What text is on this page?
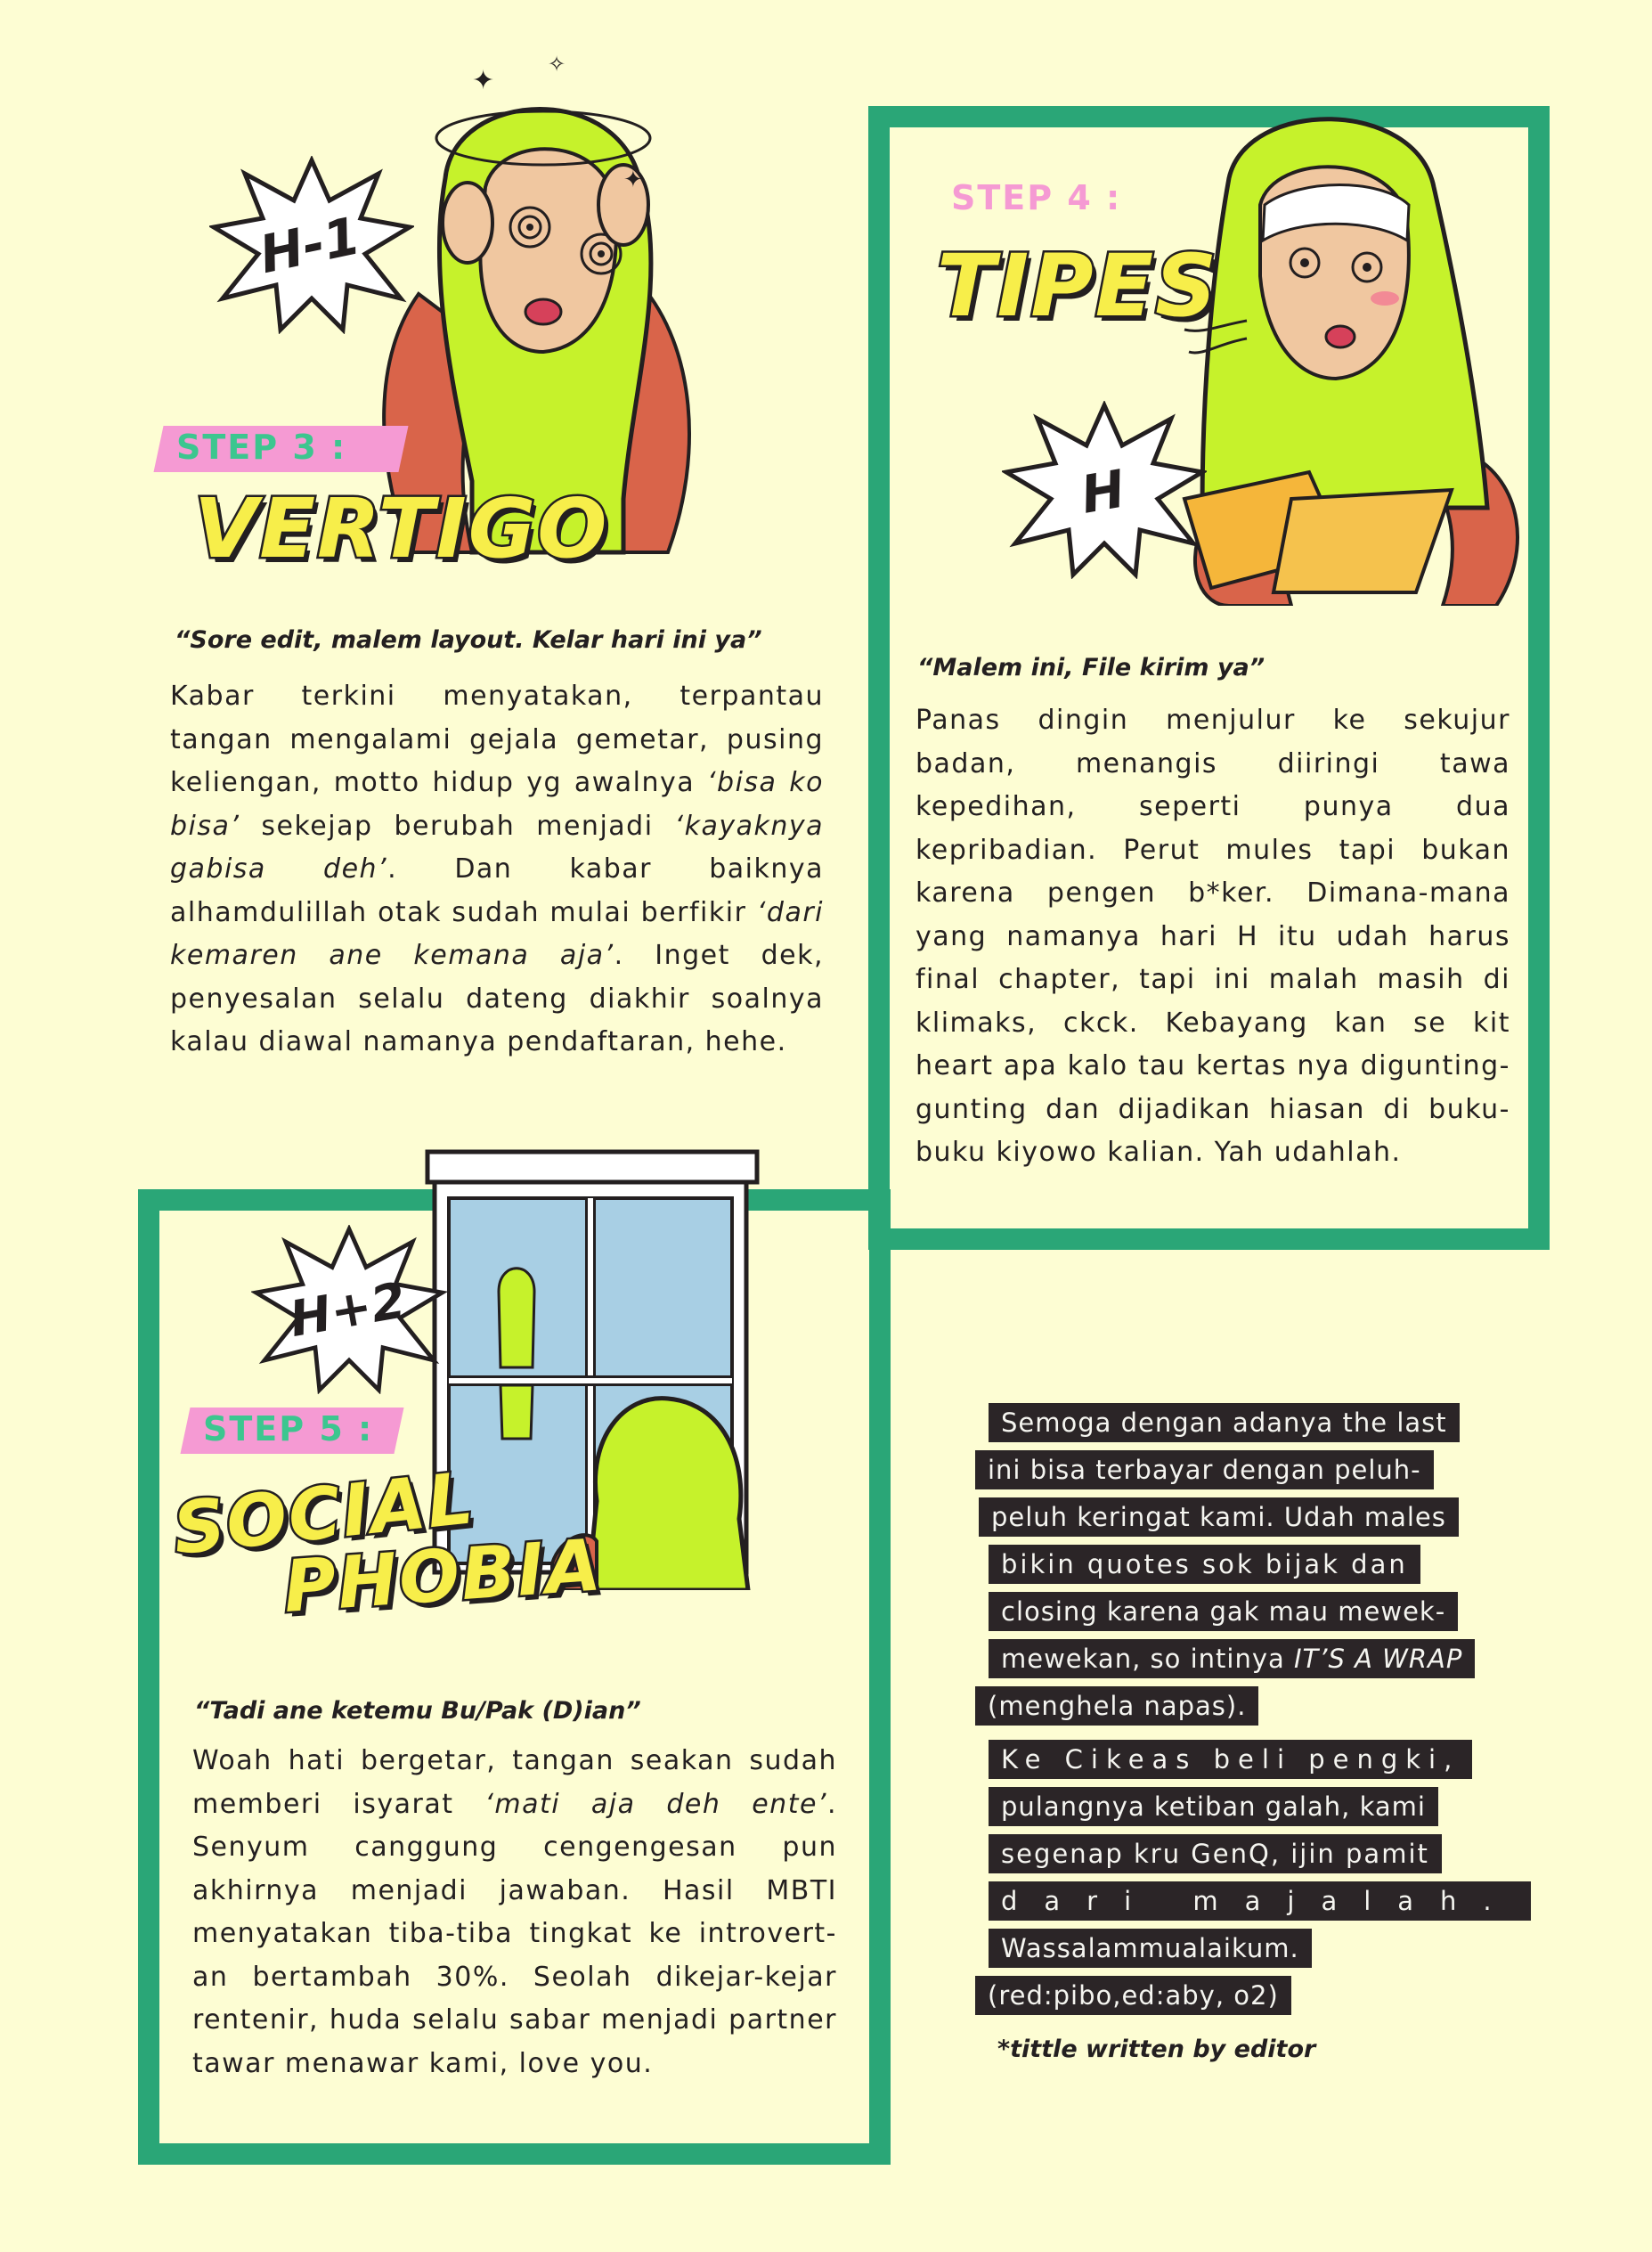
✦
✦
✧
H-1
STEP 3 :
VERTIGO
“Sore edit, malem layout. Kelar hari ini ya”

Kabar terkini menyatakan, terpantau tangan mengalami gejala gemetar, pusing keliengan, motto hidup yg awalnya ‘bisa ko bisa’ sekejap berubah menjadi ‘kayaknya gabisa deh’. Dan kabar baiknya alhamdulillah otak sudah mulai berfikir ‘dari kemaren ane kemana aja’. Inget dek, penyesalan selalu dateng diakhir soalnya kalau diawal namanya pendaftaran, hehe.

H
STEP 4 :
TIPES
“Malem ini, File kirim ya”

Panas dingin menjulur ke sekujur badan, menangis diiringi tawa kepedihan, seperti punya dua kepribadian. Perut mules tapi bukan karena pengen b*ker. Dimana-mana yang namanya hari H itu udah harus final chapter, tapi ini malah masih di klimaks, ckck. Kebayang kan se kit heart apa kalo tau kertas nya digunting-gunting dan dijadikan hiasan di buku-buku kiyowo kalian. Yah udahlah.

H+2
STEP 5 :
SOCIAL
PHOBIA
“Tadi ane ketemu Bu/Pak (D)ian”

Woah hati bergetar, tangan seakan sudah memberi isyarat ‘mati aja deh ente’. Senyum canggung cengengesan pun akhirnya menjadi jawaban. Hasil MBTI menyatakan tiba-tiba tingkat ke introvert-an bertambah 30%. Seolah dikejar-kejar rentenir, huda selalu sabar menjadi partner tawar menawar kami, love you.

Semoga dengan adanya the last
ini bisa terbayar dengan peluh-
peluh keringat kami. Udah males
bikin quotes sok bijak dan
closing karena gak mau mewek-
mewekan, so intinya IT’S A WRAP
(menghela napas).
Ke Cikeas beli pengki,
pulangnya ketiban galah, kami
segenap kru GenQ, ijin pamit
dari majalah.
Wassalammualaikum.
(red:pibo,ed:aby, o2)
*tittle written by editor
